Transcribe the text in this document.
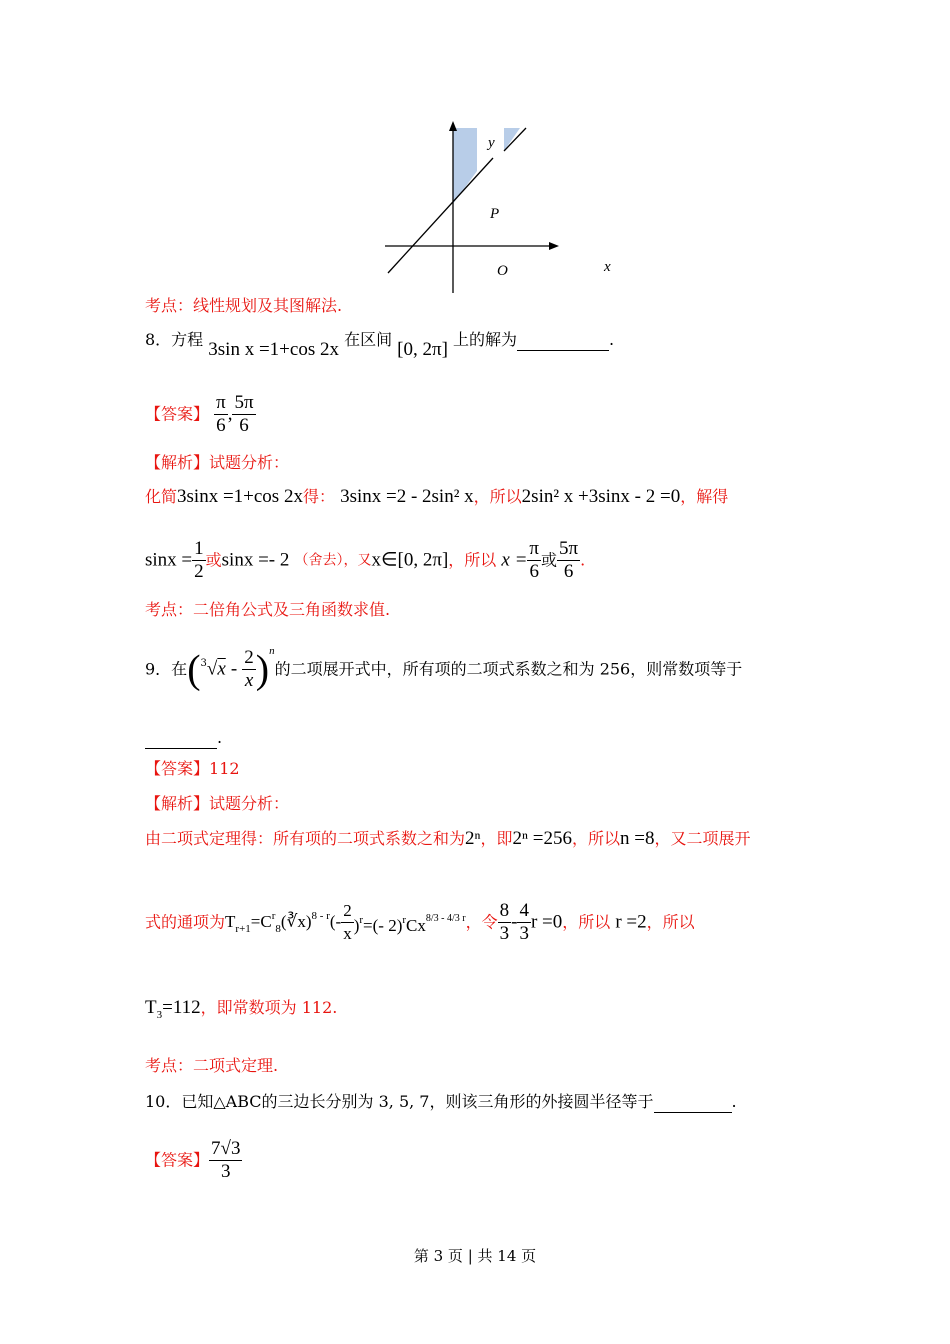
y
P
O	x
考点：线性规划及其图解法.
8．方程 3sin x =1+cos 2x 在区间 [0, 2π] 上的解为	.
【答案】 $\frac{\pi}{6}$ , $\frac{5\pi}{6}$
【解析】试题分析：
化简3sinx =1+cos 2x得： 3sinx =2 - 2sin² x，所以2sin² x +3sinx - 2 =0，解得
$\sin x = \frac{1}{2}$ 或sinx =- 2 （舍去），又x∈[0, 2π]，所以 $x = \frac{\pi}{6}$ 或 $\frac{5\pi}{6}$ .
考点：二倍角公式及三角函数求值.
9．在$(^3√x - \frac{2}{x} )^n$的二项展开式中，所有项的二项式系数之和为 256，则常数项等于
.
【答案】112
【解析】试题分析：
由二项式定理得：所有项的二项式系数之和为2ⁿ，即2ⁿ =256，所以n =8，又二项展开
式的通项为$T_{r+1}=C^r_8(∛x)^{8 - r}(- \frac{2}{x} )^r=(-$ $2)^rCx^{8/3 - 4/3 r}$，令 $\frac{8}{3} - \frac{4}{3}$ r =0，所以 r =2，所以
$T_3=112$，即常数项为 112.
考点：二项式定理.
10．已知△ABC的三边长分别为 3, 5, 7，则该三角形的外接圆半径等于	.
【答案】 $\frac{7√3}{3}$
第 3 页 | 共 14 页
